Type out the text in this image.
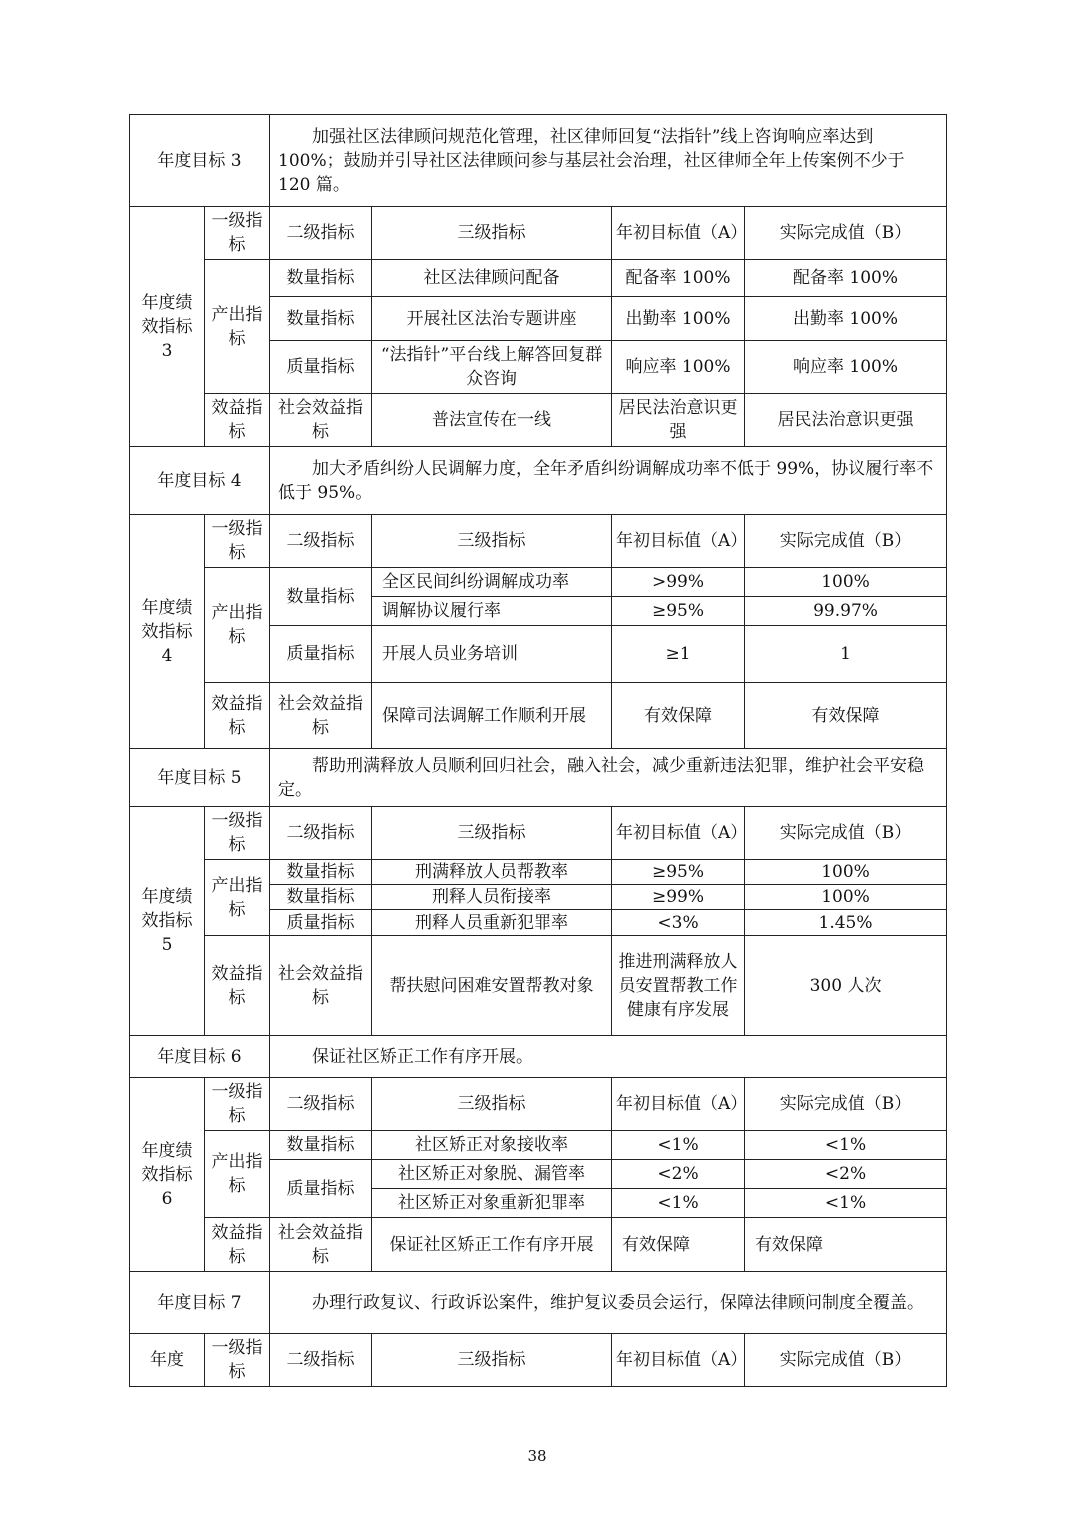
年度目标 3		加强社区法律顾问规范化管理，社区律师回复“法指针”线上咨询响应率达到 100%；鼓励并引导社区法律顾问参与基层社会治理，社区律师全年上传案例不少于 120 篇。			
年度绩效指标 3	一级指标	二级指标	三级指标	年初目标值（A）	实际完成值（B）
	产出指标	数量指标	社区法律顾问配备	配备率 100%	配备率 100%
		数量指标	开展社区法治专题讲座	出勤率 100%	出勤率 100%
		质量指标	“法指针”平台线上解答回复群众咨询	响应率 100%	响应率 100%
	效益指标	社会效益指标	普法宣传在一线	居民法治意识更强	居民法治意识更强
年度目标 4		加大矛盾纠纷人民调解力度，全年矛盾纠纷调解成功率不低于 99%，协议履行率不低于 95%。			
年度绩效指标 4	一级指标	二级指标	三级指标	年初目标值（A）	实际完成值（B）
	产出指标	数量指标	全区民间纠纷调解成功率	>99%	100%
			调解协议履行率	≥95%	99.97%
		质量指标	开展人员业务培训	≥1	1
	效益指标	社会效益指标	保障司法调解工作顺利开展	有效保障	有效保障
年度目标 5		帮助刑满释放人员顺利回归社会，融入社会，减少重新违法犯罪，维护社会平安稳定。			
年度绩效指标 5	一级指标	二级指标	三级指标	年初目标值（A）	实际完成值（B）
	产出指标	数量指标	刑满释放人员帮教率	≥95%	100%
		数量指标	刑释人员衔接率	≥99%	100%
		质量指标	刑释人员重新犯罪率	<3%	1.45%
	效益指标	社会效益指标	帮扶慰问困难安置帮教对象	推进刑满释放人员安置帮教工作健康有序发展	300 人次
年度目标 6		保证社区矫正工作有序开展。			
年度绩效指标 6	一级指标	二级指标	三级指标	年初目标值（A）	实际完成值（B）
	产出指标	数量指标	社区矫正对象接收率	<1%	<1%
		质量指标	社区矫正对象脱、漏管率	<2%	<2%
			社区矫正对象重新犯罪率	<1%	<1%
	效益指标	社会效益指标	保证社区矫正工作有序开展	有效保障	有效保障
年度目标 7		办理行政复议、行政诉讼案件，维护复议委员会运行，保障法律顾问制度全覆盖。			
年度	一级指标	二级指标	三级指标	年初目标值（A）	实际完成值（B）
38
